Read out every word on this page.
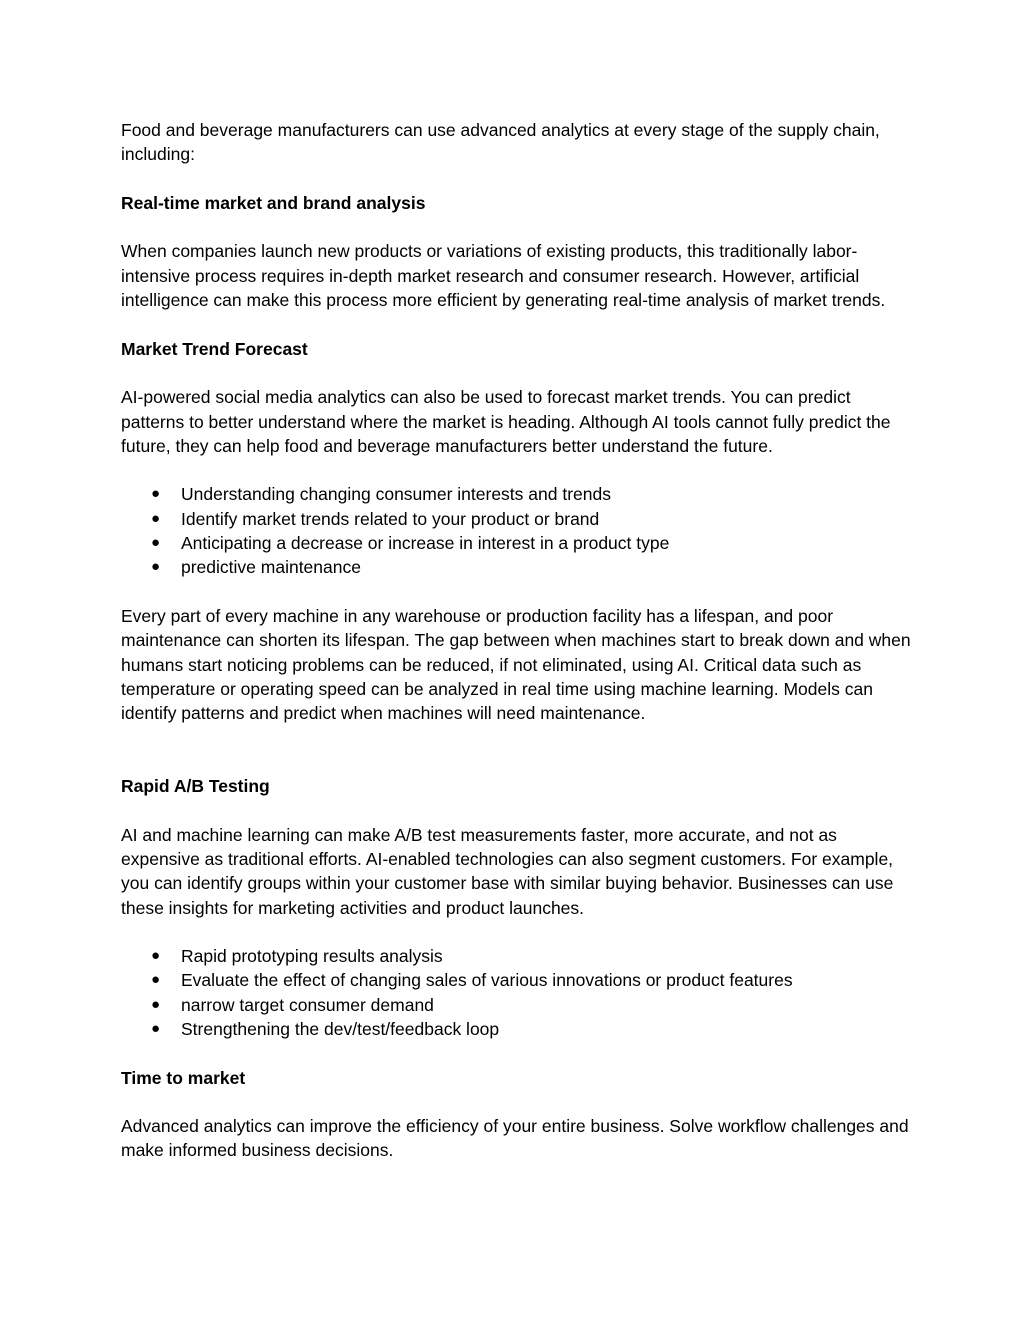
Food and beverage manufacturers can use advanced analytics at every stage of the supply chain, including:

Real-time market and brand analysis

When companies launch new products or variations of existing products, this traditionally labor-intensive process requires in-depth market research and consumer research. However, artificial intelligence can make this process more efficient by generating real-time analysis of market trends.

Market Trend Forecast

AI-powered social media analytics can also be used to forecast market trends. You can predict patterns to better understand where the market is heading. Although AI tools cannot fully predict the future, they can help food and beverage manufacturers better understand the future.

● Understanding changing consumer interests and trends
● Identify market trends related to your product or brand
● Anticipating a decrease or increase in interest in a product type
● predictive maintenance

Every part of every machine in any warehouse or production facility has a lifespan, and poor maintenance can shorten its lifespan. The gap between when machines start to break down and when humans start noticing problems can be reduced, if not eliminated, using AI. Critical data such as temperature or operating speed can be analyzed in real time using machine learning. Models can identify patterns and predict when machines will need maintenance.

Rapid A/B Testing

AI and machine learning can make A/B test measurements faster, more accurate, and not as expensive as traditional efforts. AI-enabled technologies can also segment customers. For example, you can identify groups within your customer base with similar buying behavior. Businesses can use these insights for marketing activities and product launches.

● Rapid prototyping results analysis
● Evaluate the effect of changing sales of various innovations or product features
● narrow target consumer demand
● Strengthening the dev/test/feedback loop
Time to market

Advanced analytics can improve the efficiency of your entire business. Solve workflow challenges and make informed business decisions.
